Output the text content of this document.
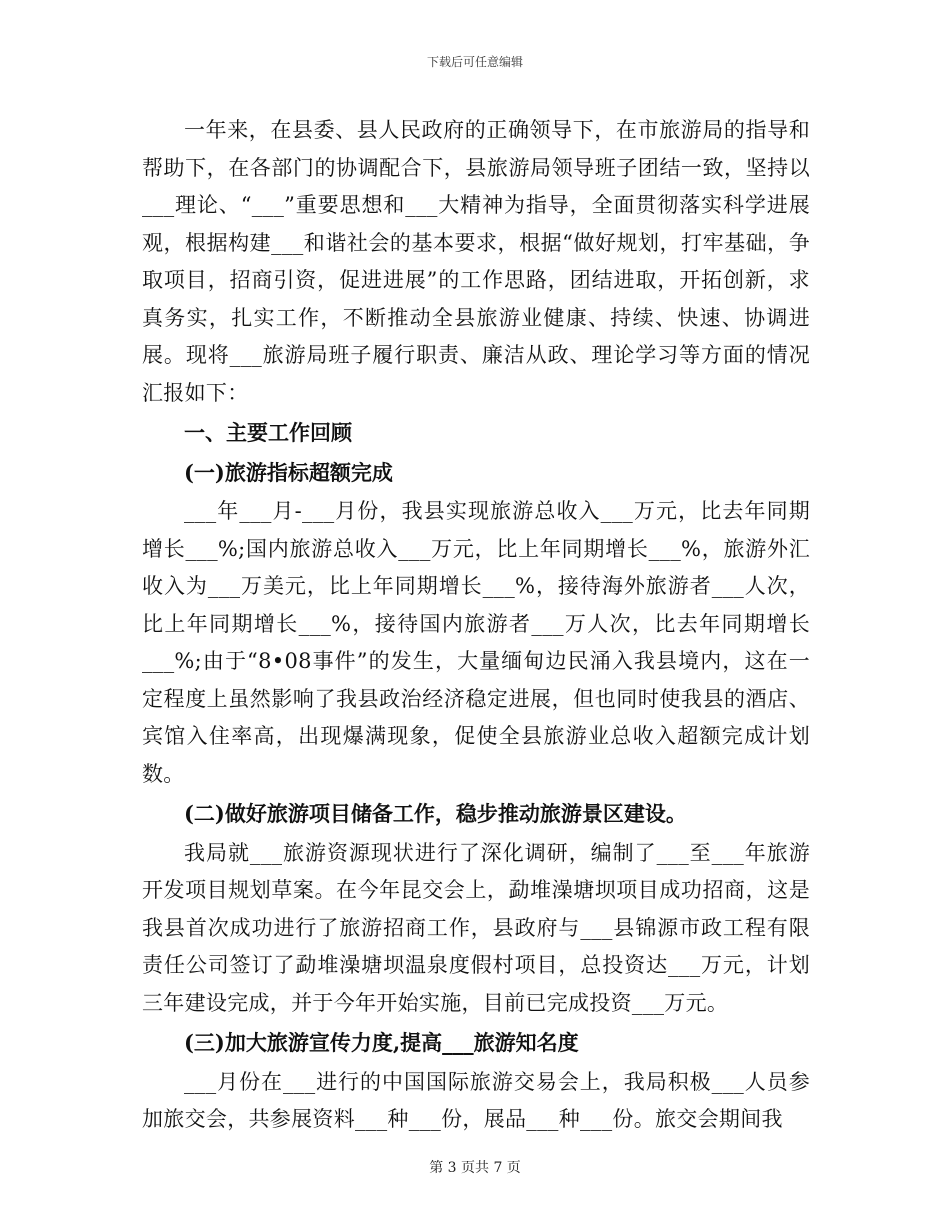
下载后可任意编辑

一年来，在县委、县人民政府的正确领导下，在市旅游局的指导和帮助下，在各部门的协调配合下，县旅游局领导班子团结一致，坚持以___理论、“___”重要思想和___大精神为指导，全面贯彻落实科学进展观，根据构建___和谐社会的基本要求，根据“做好规划，打牢基础，争取项目，招商引资，促进进展”的工作思路，团结进取，开拓创新，求真务实，扎实工作，不断推动全县旅游业健康、持续、快速、协调进展。现将___旅游局班子履行职责、廉洁从政、理论学习等方面的情况汇报如下：

一、主要工作回顾

(一)旅游指标超额完成

___年___月-___月份，我县实现旅游总收入___万元，比去年同期增长___%;国内旅游总收入___万元，比上年同期增长___%，旅游外汇收入为___万美元，比上年同期增长___%，接待海外旅游者___人次，比上年同期增长___%，接待国内旅游者___万人次，比去年同期增长___%;由于“8•08事件”的发生，大量缅甸边民涌入我县境内，这在一定程度上虽然影响了我县政治经济稳定进展，但也同时使我县的酒店、宾馆入住率高，出现爆满现象，促使全县旅游业总收入超额完成计划数。

(二)做好旅游项目储备工作，稳步推动旅游景区建设。

我局就___旅游资源现状进行了深化调研，编制了___至___年旅游开发项目规划草案。在今年昆交会上，勐堆澡塘坝项目成功招商，这是我县首次成功进行了旅游招商工作，县政府与___县锦源市政工程有限责任公司签订了勐堆澡塘坝温泉度假村项目，总投资达___万元，计划三年建设完成，并于今年开始实施，目前已完成投资___万元。

(三)加大旅游宣传力度,提高___旅游知名度

___月份在___进行的中国国际旅游交易会上，我局积极___人员参加旅交会，共参展资料___种___份，展品___种___份。旅交会期间我

第 3 页共 7 页
